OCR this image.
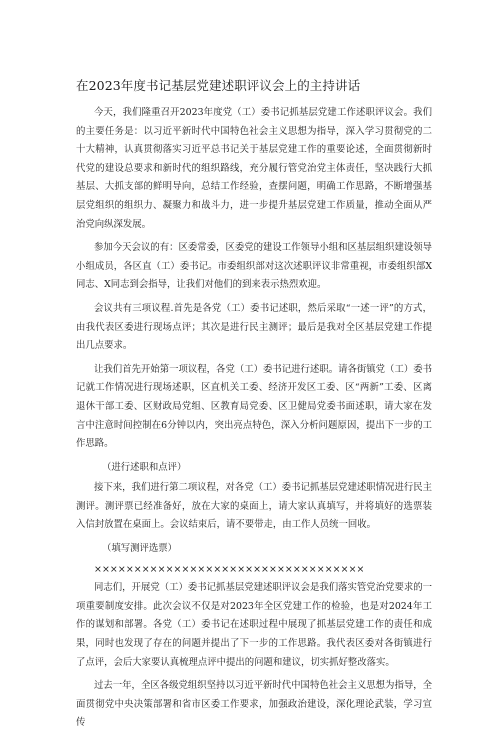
在2023年度书记基层党建述职评议会上的主持讲话

今天，我们隆重召开2023年度党（工）委书记抓基层党建工作述职评议会。我们的主要任务是：以习近平新时代中国特色社会主义思想为指导，深入学习贯彻党的二十大精神，认真贯彻落实习近平总书记关于基层党建工作的重要论述，全面贯彻新时代党的建设总要求和新时代的组织路线，充分履行管党治党主体责任，坚决践行大抓基层、大抓支部的鲜明导向，总结工作经验，查摆问题，明确工作思路，不断增强基层党组织的组织力、凝聚力和战斗力，进一步提升基层党建工作质量，推动全面从严治党向纵深发展。

参加今天会议的有：区委常委，区委党的建设工作领导小组和区基层组织建设领导小组成员，各区直（工）委书记。市委组织部对这次述职评议非常重视，市委组织部X同志、X同志到会指导，让我们对他们的到来表示热烈欢迎。

会议共有三项议程.首先是各党（工）委书记述职，然后采取“一述一评”的方式，由我代表区委进行现场点评；其次是进行民主测评；最后是我对全区基层党建工作提出几点要求。

让我们首先开始第一项议程，各党（工）委书记进行述职。请各街镇党（工）委书记就工作情况进行现场述职，区直机关工委、经济开发区工委、区“两新”工委、区离退休干部工委、区财政局党组、区教育局党委、区卫健局党委书面述职，请大家在发言中注意时间控制在6分钟以内，突出亮点特色，深入分析问题原因，提出下一步的工作思路。

（进行述职和点评）

接下来，我们进行第二项议程，对各党（工）委书记抓基层党建述职情况进行民主测评。测评票已经准备好，放在大家的桌面上，请大家认真填写，并将填好的选票装入信封放置在桌面上。会议结束后，请不要带走，由工作人员统一回收。

（填写测评选票）

××××××××××××××××××××××××××××××××××

同志们，开展党（工）委书记抓基层党建述职评议会是我们落实管党治党要求的一项重要制度安排。此次会议不仅是对2023年全区党建工作的检验，也是对2024年工作的谋划和部署。各党（工）委书记在述职过程中展现了抓基层党建工作的责任和成果，同时也发现了存在的问题并提出了下一步的工作思路。我代表区委对各街镇进行了点评，会后大家要认真梳理点评中提出的问题和建议，切实抓好整改落实。

过去一年，全区各级党组织坚持以习近平新时代中国特色社会主义思想为指导，全面贯彻党中央决策部署和省市区委工作要求，加强政治建设，深化理论武装，学习宣传
